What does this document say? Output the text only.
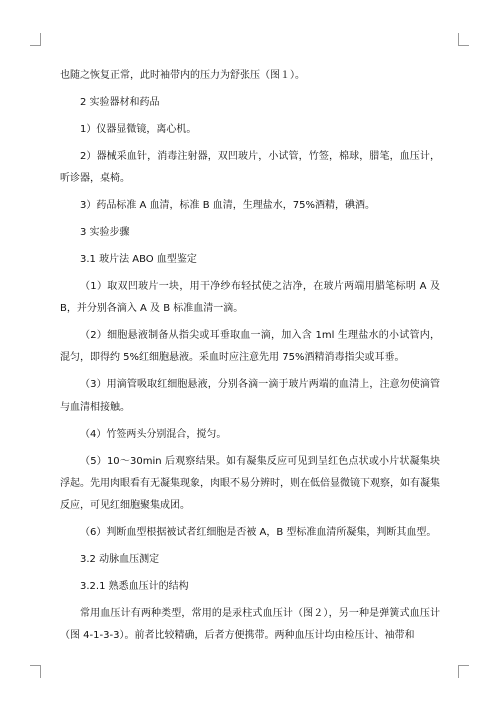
也随之恢复正常，此时袖带内的压力为舒张压（图１）。

2 实验器材和药品

1）仪器显微镜，离心机。

2）器械采血针，消毒注射器，双凹玻片，小试管，竹签，棉球，腊笔，血压计，听诊器，桌椅。

3）药品标准 A 血清，标准 B 血清，生理盐水，75%酒精，碘酒。

3 实验步骤

3.1 玻片法 ABO 血型鉴定

（1）取双凹玻片一块，用干净纱布轻拭使之洁净，在玻片两端用腊笔标明 A 及 B，并分别各滴入 A 及 B 标准血清一滴。

（2）细胞悬液制备从指尖或耳垂取血一滴，加入含 1ml 生理盐水的小试管内，混匀，即得约 5%红细胞悬液。采血时应注意先用 75%酒精消毒指尖或耳垂。

（3）用滴管吸取红细胞悬液，分别各滴一滴于玻片两端的血清上，注意勿使滴管与血清相接触。

（4）竹签两头分别混合，搅匀。

（5）10～30min 后观察结果。如有凝集反应可见到呈红色点状或小片状凝集块浮起。先用肉眼看有无凝集现象，肉眼不易分辨时，则在低倍显微镜下观察，如有凝集反应，可见红细胞聚集成团。

（6）判断血型根据被试者红细胞是否被 A，B 型标准血清所凝集，判断其血型。

3.2 动脉血压测定

3.2.1 熟悉血压计的结构

常用血压计有两种类型，常用的是汞柱式血压计（图２），另一种是弹簧式血压计（图 4-1-3-3）。前者比较精确，后者方便携带。两种血压计均由检压计、袖带和
